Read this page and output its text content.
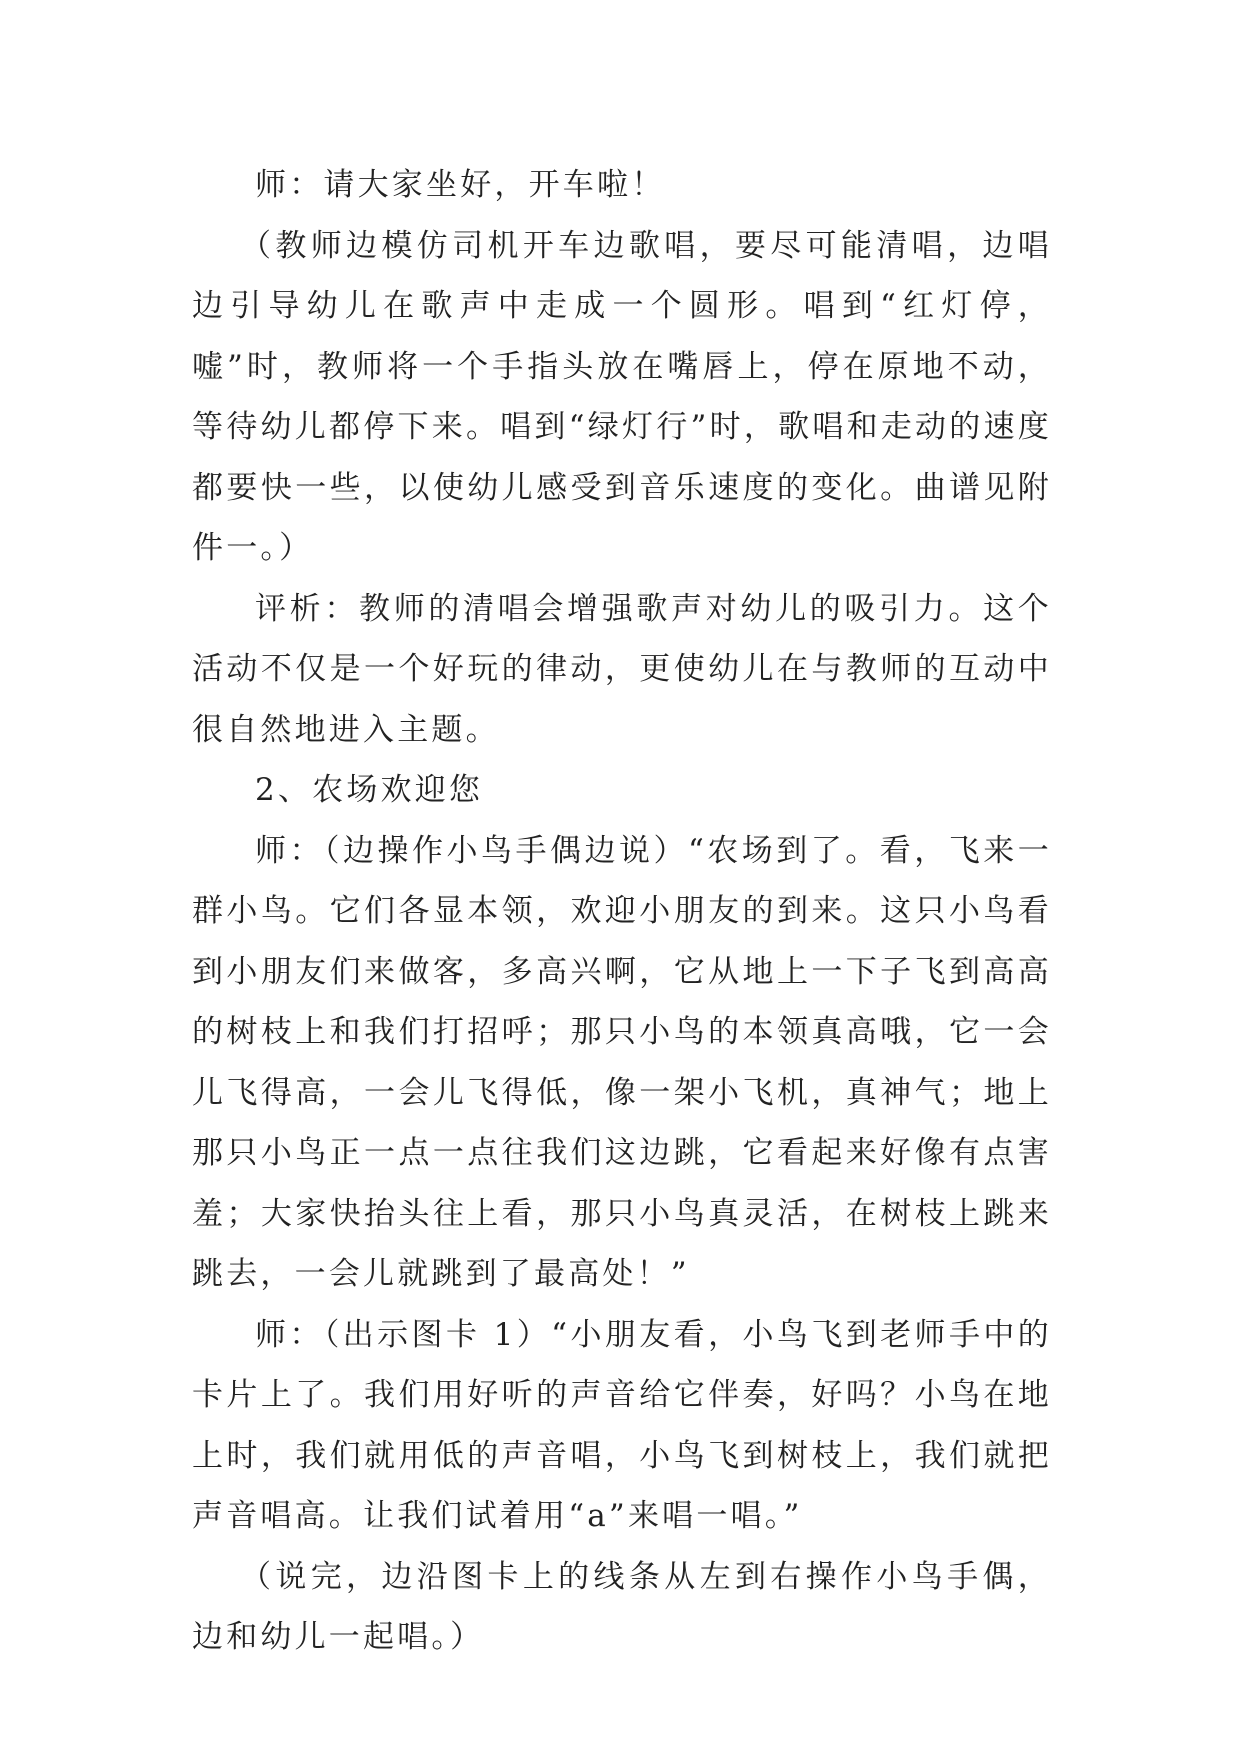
师：请大家坐好，开车啦！

（教师边模仿司机开车边歌唱，要尽可能清唱，边唱边引导幼儿在歌声中走成一个圆形。唱到“红灯停，嘘”时，教师将一个手指头放在嘴唇上，停在原地不动，等待幼儿都停下来。唱到“绿灯行”时，歌唱和走动的速度都要快一些，以使幼儿感受到音乐速度的变化。曲谱见附件一。）

评析：教师的清唱会增强歌声对幼儿的吸引力。这个活动不仅是一个好玩的律动，更使幼儿在与教师的互动中很自然地进入主题。

2、农场欢迎您

师：（边操作小鸟手偶边说）“农场到了。看，飞来一群小鸟。它们各显本领，欢迎小朋友的到来。这只小鸟看到小朋友们来做客，多高兴啊，它从地上一下子飞到高高的树枝上和我们打招呼；那只小鸟的本领真高哦，它一会儿飞得高，一会儿飞得低，像一架小飞机，真神气；地上那只小鸟正一点一点往我们这边跳，它看起来好像有点害羞；大家快抬头往上看，那只小鸟真灵活，在树枝上跳来跳去，一会儿就跳到了最高处！”

师：（出示图卡 1）“小朋友看，小鸟飞到老师手中的卡片上了。我们用好听的声音给它伴奏，好吗？小鸟在地上时，我们就用低的声音唱，小鸟飞到树枝上，我们就把声音唱高。让我们试着用“a”来唱一唱。”

（说完，边沿图卡上的线条从左到右操作小鸟手偶，边和幼儿一起唱。）
